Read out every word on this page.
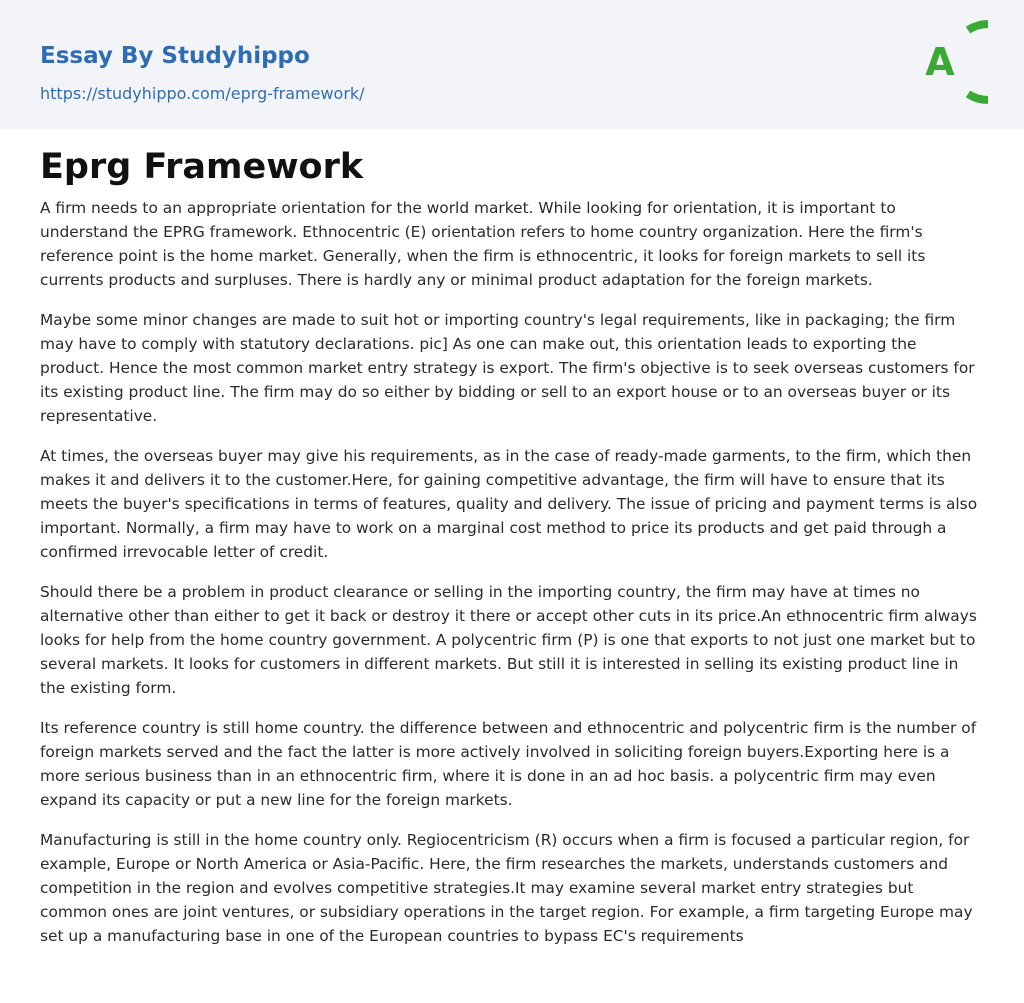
Essay By Studyhippo
https://studyhippo.com/eprg-framework/
A
Eprg Framework

A firm needs to an appropriate orientation for the world market. While looking for orientation, it is important to understand the EPRG framework. Ethnocentric (E) orientation refers to home country organization. Here the firm's reference point is the home market. Generally, when the firm is ethnocentric, it looks for foreign markets to sell its currents products and surpluses. There is hardly any or minimal product adaptation for the foreign markets.

Maybe some minor changes are made to suit hot or importing country's legal requirements, like in packaging; the firm may have to comply with statutory declarations. pic] As one can make out, this orientation leads to exporting the product. Hence the most common market entry strategy is export. The firm's objective is to seek overseas customers for its existing product line. The firm may do so either by bidding or sell to an export house or to an overseas buyer or its representative.

At times, the overseas buyer may give his requirements, as in the case of ready-made garments, to the firm, which then makes it and delivers it to the customer.Here, for gaining competitive advantage, the firm will have to ensure that its meets the buyer's specifications in terms of features, quality and delivery. The issue of pricing and payment terms is also important. Normally, a firm may have to work on a marginal cost method to price its products and get paid through a confirmed irrevocable letter of credit.

Should there be a problem in product clearance or selling in the importing country, the firm may have at times no alternative other than either to get it back or destroy it there or accept other cuts in its price.An ethnocentric firm always looks for help from the home country government. A polycentric firm (P) is one that exports to not just one market but to several markets. It looks for customers in different markets. But still it is interested in selling its existing product line in the existing form.

Its reference country is still home country. the difference between and ethnocentric and polycentric firm is the number of foreign markets served and the fact the latter is more actively involved in soliciting foreign buyers.Exporting here is a more serious business than in an ethnocentric firm, where it is done in an ad hoc basis. a polycentric firm may even expand its capacity or put a new line for the foreign markets.

Manufacturing is still in the home country only. Regiocentricism (R) occurs when a firm is focused a particular region, for example, Europe or North America or Asia-Pacific. Here, the firm researches the markets, understands customers and competition in the region and evolves competitive strategies.It may examine several market entry strategies but common ones are joint ventures, or subsidiary operations in the target region. For example, a firm targeting Europe may set up a manufacturing base in one of the European countries to bypass EC's requirements
